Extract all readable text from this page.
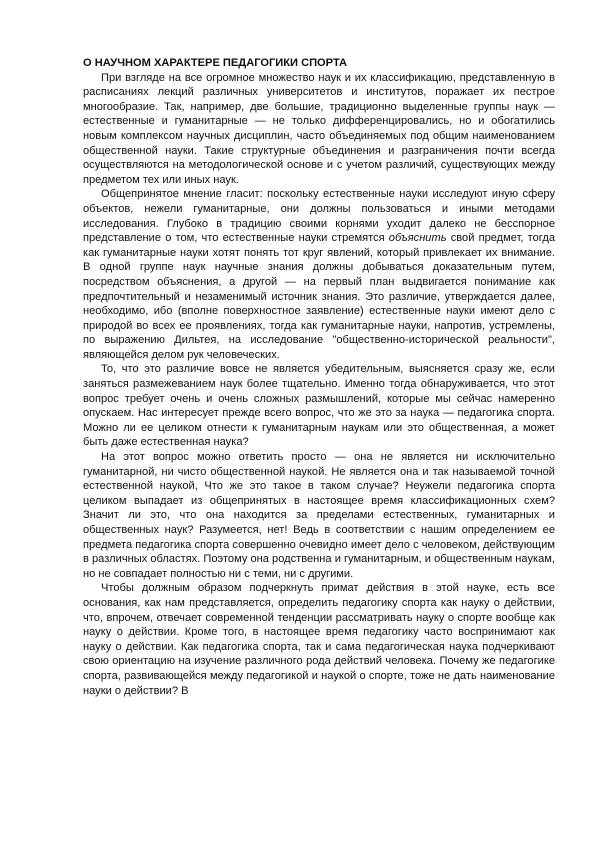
О НАУЧНОМ ХАРАКТЕРЕ ПЕДАГОГИКИ СПОРТА

При взгляде на все огромное множество наук и их классификацию, представленную в расписаниях лекций различных университетов и институтов, поражает их пестрое многообразие. Так, например, две большие, традиционно выделенные группы наук — естественные и гуманитарные — не только дифференцировались, но и обогатились новым комплексом научных дисциплин, часто объединяемых под общим наименованием общественной науки. Такие структурные объединения и разграничения почти всегда осуществляются на методологической основе и с учетом различий, существующих между предметом тех или иных наук.

Общепринятое мнение гласит: поскольку естественные науки исследуют иную сферу объектов, нежели гуманитарные, они должны пользоваться и иными методами исследования. Глубоко в традицию своими корнями уходит далеко не бесспорное представление о том, что естественные науки стремятся объяснить свой предмет, тогда как гуманитарные науки хотят понять тот круг явлений, который привлекает их внимание. В одной группе наук научные знания должны добываться доказательным путем, посредством объяснения, а другой — на первый план выдвигается понимание как предпочтительный и незаменимый источник знания. Это различие, утверждается далее, необходимо, ибо (вполне поверхностное заявление) естественные науки имеют дело с природой во всех ее проявлениях, тогда как гуманитарные науки, напротив, устремлены, по выражению Дильтея, на исследование "общественно-исторической реальности", являющейся делом рук человеческих.

То, что это различие вовсе не является убедительным, выясняется сразу же, если заняться размежеванием наук более тщательно. Именно тогда обнаруживается, что этот вопрос требует очень и очень сложных размышлений, которые мы сейчас намеренно опускаем. Нас интересует прежде всего вопрос, что же это за наука — педагогика спорта. Можно ли ее целиком отнести к гуманитарным наукам или это общественная, а может быть даже естественная наука?

На этот вопрос можно ответить просто — она не является ни исключительно гуманитарной, ни чисто общественной наукой. Не является она и так называемой точной естественной наукой, Что же это такое в таком случае? Неужели педагогика спорта целиком выпадает из общепринятых в настоящее время классификационных схем? Значит ли это, что она находится за пределами естественных, гуманитарных и общественных наук? Разумеется, нет! Ведь в соответствии с нашим определением ее предмета педагогика спорта совершенно очевидно имеет дело с человеком, действующим в различных областях. Поэтому она родственна и гуманитарным, и общественным наукам, но не совпадает полностью ни с теми, ни с другими.

Чтобы должным образом подчеркнуть примат действия в этой науке, есть все основания, как нам представляется, определить педагогику спорта как науку о действии, что, впрочем, отвечает современной тенденции рассматривать науку о спорте вообще как науку о действии. Кроме того, в настоящее время педагогику часто воспринимают как науку о действии. Как педагогика спорта, так и сама педагогическая наука подчеркивают свою ориентацию на изучение различного рода действий человека. Почему же педагогике спорта, развивающейся между педагогикой и наукой о спорте, тоже не дать наименование науки о действии? В
